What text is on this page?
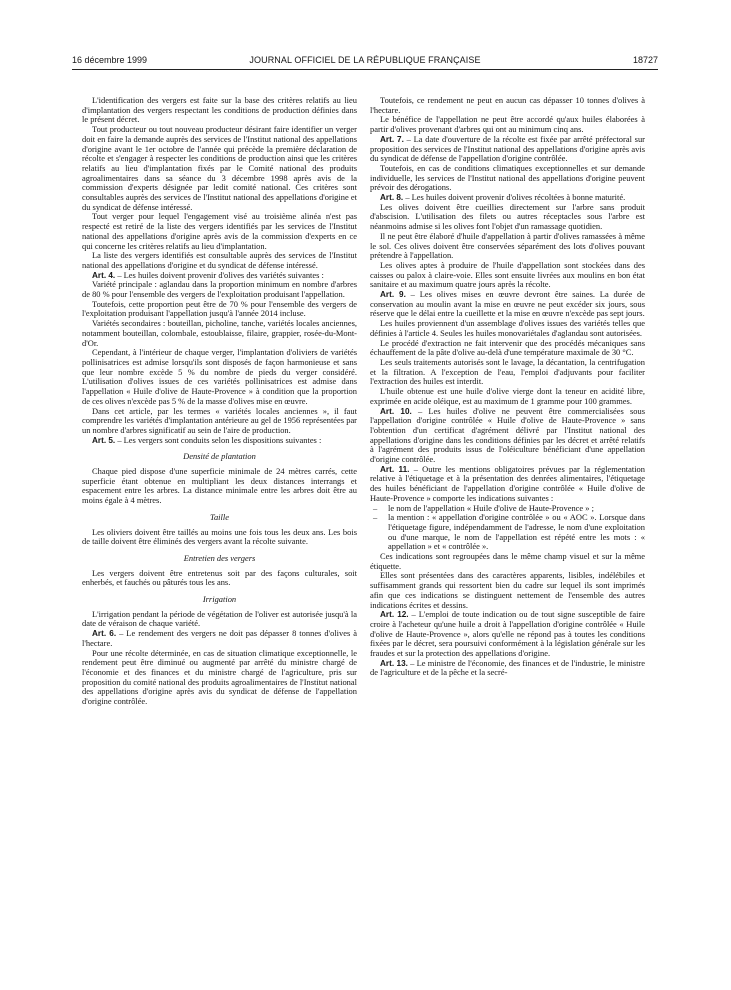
16 décembre 1999	JOURNAL OFFICIEL DE LA RÉPUBLIQUE FRANÇAISE	18727

L'identification des vergers est faite sur la base des critères relatifs au lieu d'implantation des vergers respectant les conditions de production définies dans le présent décret.

Tout producteur ou tout nouveau producteur désirant faire identifier un verger doit en faire la demande auprès des services de l'Institut national des appellations d'origine avant le 1er octobre de l'année qui précède la première déclaration de récolte et s'engager à respecter les conditions de production ainsi que les critères relatifs au lieu d'implantation fixés par le Comité national des produits agroalimentaires dans sa séance du 3 décembre 1998 après avis de la commission d'experts désignée par ledit comité national. Ces critères sont consultables auprès des services de l'Institut national des appellations d'origine et du syndicat de défense intéressé.

Tout verger pour lequel l'engagement visé au troisième alinéa n'est pas respecté est retiré de la liste des vergers identifiés par les services de l'Institut national des appellations d'origine après avis de la commission d'experts en ce qui concerne les critères relatifs au lieu d'implantation.

La liste des vergers identifiés est consultable auprès des services de l'Institut national des appellations d'origine et du syndicat de défense intéressé.

Art. 4. – Les huiles doivent provenir d'olives des variétés suivantes :

Variété principale : aglandau dans la proportion minimum en nombre d'arbres de 80 % pour l'ensemble des vergers de l'exploitation produisant l'appellation.

Toutefois, cette proportion peut être de 70 % pour l'ensemble des vergers de l'exploitation produisant l'appellation jusqu'à l'année 2014 incluse.

Variétés secondaires : bouteillan, picholine, tanche, variétés locales anciennes, notamment bouteillan, colombale, estoublaisse, filaire, grappier, rosée-du-Mont-d'Or.

Cependant, à l'intérieur de chaque verger, l'implantation d'oliviers de variétés pollinisatrices est admise lorsqu'ils sont disposés de façon harmonieuse et sans que leur nombre excède 5 % du nombre de pieds du verger considéré. L'utilisation d'olives issues de ces variétés pollinisatrices est admise dans l'appellation « Huile d'olive de Haute-Provence » à condition que la proportion de ces olives n'excède pas 5 % de la masse d'olives mise en œuvre.

Dans cet article, par les termes « variétés locales anciennes », il faut comprendre les variétés d'implantation antérieure au gel de 1956 représentées par un nombre d'arbres significatif au sein de l'aire de production.

Art. 5. – Les vergers sont conduits selon les dispositions suivantes :

Densité de plantation

Chaque pied dispose d'une superficie minimale de 24 mètres carrés, cette superficie étant obtenue en multipliant les deux distances interrangs et espacement entre les arbres. La distance minimale entre les arbres doit être au moins égale à 4 mètres.

Taille

Les oliviers doivent être taillés au moins une fois tous les deux ans. Les bois de taille doivent être éliminés des vergers avant la récolte suivante.

Entretien des vergers

Les vergers doivent être entretenus soit par des façons culturales, soit enherbés, et fauchés ou pâturés tous les ans.

Irrigation

L'irrigation pendant la période de végétation de l'oliver est autorisée jusqu'à la date de véraison de chaque variété.

Art. 6. – Le rendement des vergers ne doit pas dépasser 8 tonnes d'olives à l'hectare.

Pour une récolte déterminée, en cas de situation climatique exceptionnelle, le rendement peut être diminué ou augmenté par arrêté du ministre chargé de l'économie et des finances et du ministre chargé de l'agriculture, pris sur proposition du comité national des produits agroalimentaires de l'Institut national des appellations d'origine après avis du syndicat de défense de l'appellation d'origine contrôlée.

Toutefois, ce rendement ne peut en aucun cas dépasser 10 tonnes d'olives à l'hectare.

Le bénéfice de l'appellation ne peut être accordé qu'aux huiles élaborées à partir d'olives provenant d'arbres qui ont au minimum cinq ans.

Art. 7. – La date d'ouverture de la récolte est fixée par arrêté préfectoral sur proposition des services de l'Institut national des appellations d'origine après avis du syndicat de défense de l'appellation d'origine contrôlée.

Toutefois, en cas de conditions climatiques exceptionnelles et sur demande individuelle, les services de l'Institut national des appellations d'origine peuvent prévoir des dérogations.

Art. 8. – Les huiles doivent provenir d'olives récoltées à bonne maturité.

Les olives doivent être cueillies directement sur l'arbre sans produit d'abscision. L'utilisation des filets ou autres réceptacles sous l'arbre est néanmoins admise si les olives font l'objet d'un ramassage quotidien.

Il ne peut être élaboré d'huile d'appellation à partir d'olives ramassées à même le sol. Ces olives doivent être conservées séparément des lots d'olives pouvant prétendre à l'appellation.

Les olives aptes à produire de l'huile d'appellation sont stockées dans des caisses ou palox à claire-voie. Elles sont ensuite livrées aux moulins en bon état sanitaire et au maximum quatre jours après la récolte.

Art. 9. – Les olives mises en œuvre devront être saines. La durée de conservation au moulin avant la mise en œuvre ne peut excéder six jours, sous réserve que le délai entre la cueillette et la mise en œuvre n'excède pas sept jours.

Les huiles proviennent d'un assemblage d'olives issues des variétés telles que définies à l'article 4. Seules les huiles monovariétales d'aglandau sont autorisées.

Le procédé d'extraction ne fait intervenir que des procédés mécaniques sans échauffement de la pâte d'olive au-delà d'une température maximale de 30 °C.

Les seuls traitements autorisés sont le lavage, la décantation, la centrifugation et la filtration. A l'exception de l'eau, l'emploi d'adjuvants pour faciliter l'extraction des huiles est interdit.

L'huile obtenue est une huile d'olive vierge dont la teneur en acidité libre, exprimée en acide oléique, est au maximum de 1 gramme pour 100 grammes.

Art. 10. – Les huiles d'olive ne peuvent être commercialisées sous l'appellation d'origine contrôlée « Huile d'olive de Haute-Provence » sans l'obtention d'un certificat d'agrément délivré par l'Institut national des appellations d'origine dans les conditions définies par les décret et arrêté relatifs à l'agrément des produits issus de l'oléiculture bénéficiant d'une appellation d'origine contrôlée.

Art. 11. – Outre les mentions obligatoires prévues par la réglementation relative à l'étiquetage et à la présentation des denrées alimentaires, l'étiquetage des huiles bénéficiant de l'appellation d'origine contrôlée « Huile d'olive de Haute-Provence » comporte les indications suivantes :

– le nom de l'appellation « Huile d'olive de Haute-Provence » ;

– la mention : « appellation d'origine contrôlée » ou « AOC ». Lorsque dans l'étiquetage figure, indépendamment de l'adresse, le nom d'une exploitation ou d'une marque, le nom de l'appellation est répété entre les mots : « appellation » et « contrôlée ».

Ces indications sont regroupées dans le même champ visuel et sur la même étiquette.

Elles sont présentées dans des caractères apparents, lisibles, indélébiles et suffisamment grands qui ressortent bien du cadre sur lequel ils sont imprimés afin que ces indications se distinguent nettement de l'ensemble des autres indications écrites et dessins.

Art. 12. – L'emploi de toute indication ou de tout signe susceptible de faire croire à l'acheteur qu'une huile a droit à l'appellation d'origine contrôlée « Huile d'olive de Haute-Provence », alors qu'elle ne répond pas à toutes les conditions fixées par le décret, sera poursuivi conformément à la législation générale sur les fraudes et sur la protection des appellations d'origine.

Art. 13. – Le ministre de l'économie, des finances et de l'industrie, le ministre de l'agriculture et de la pêche et la secré-
